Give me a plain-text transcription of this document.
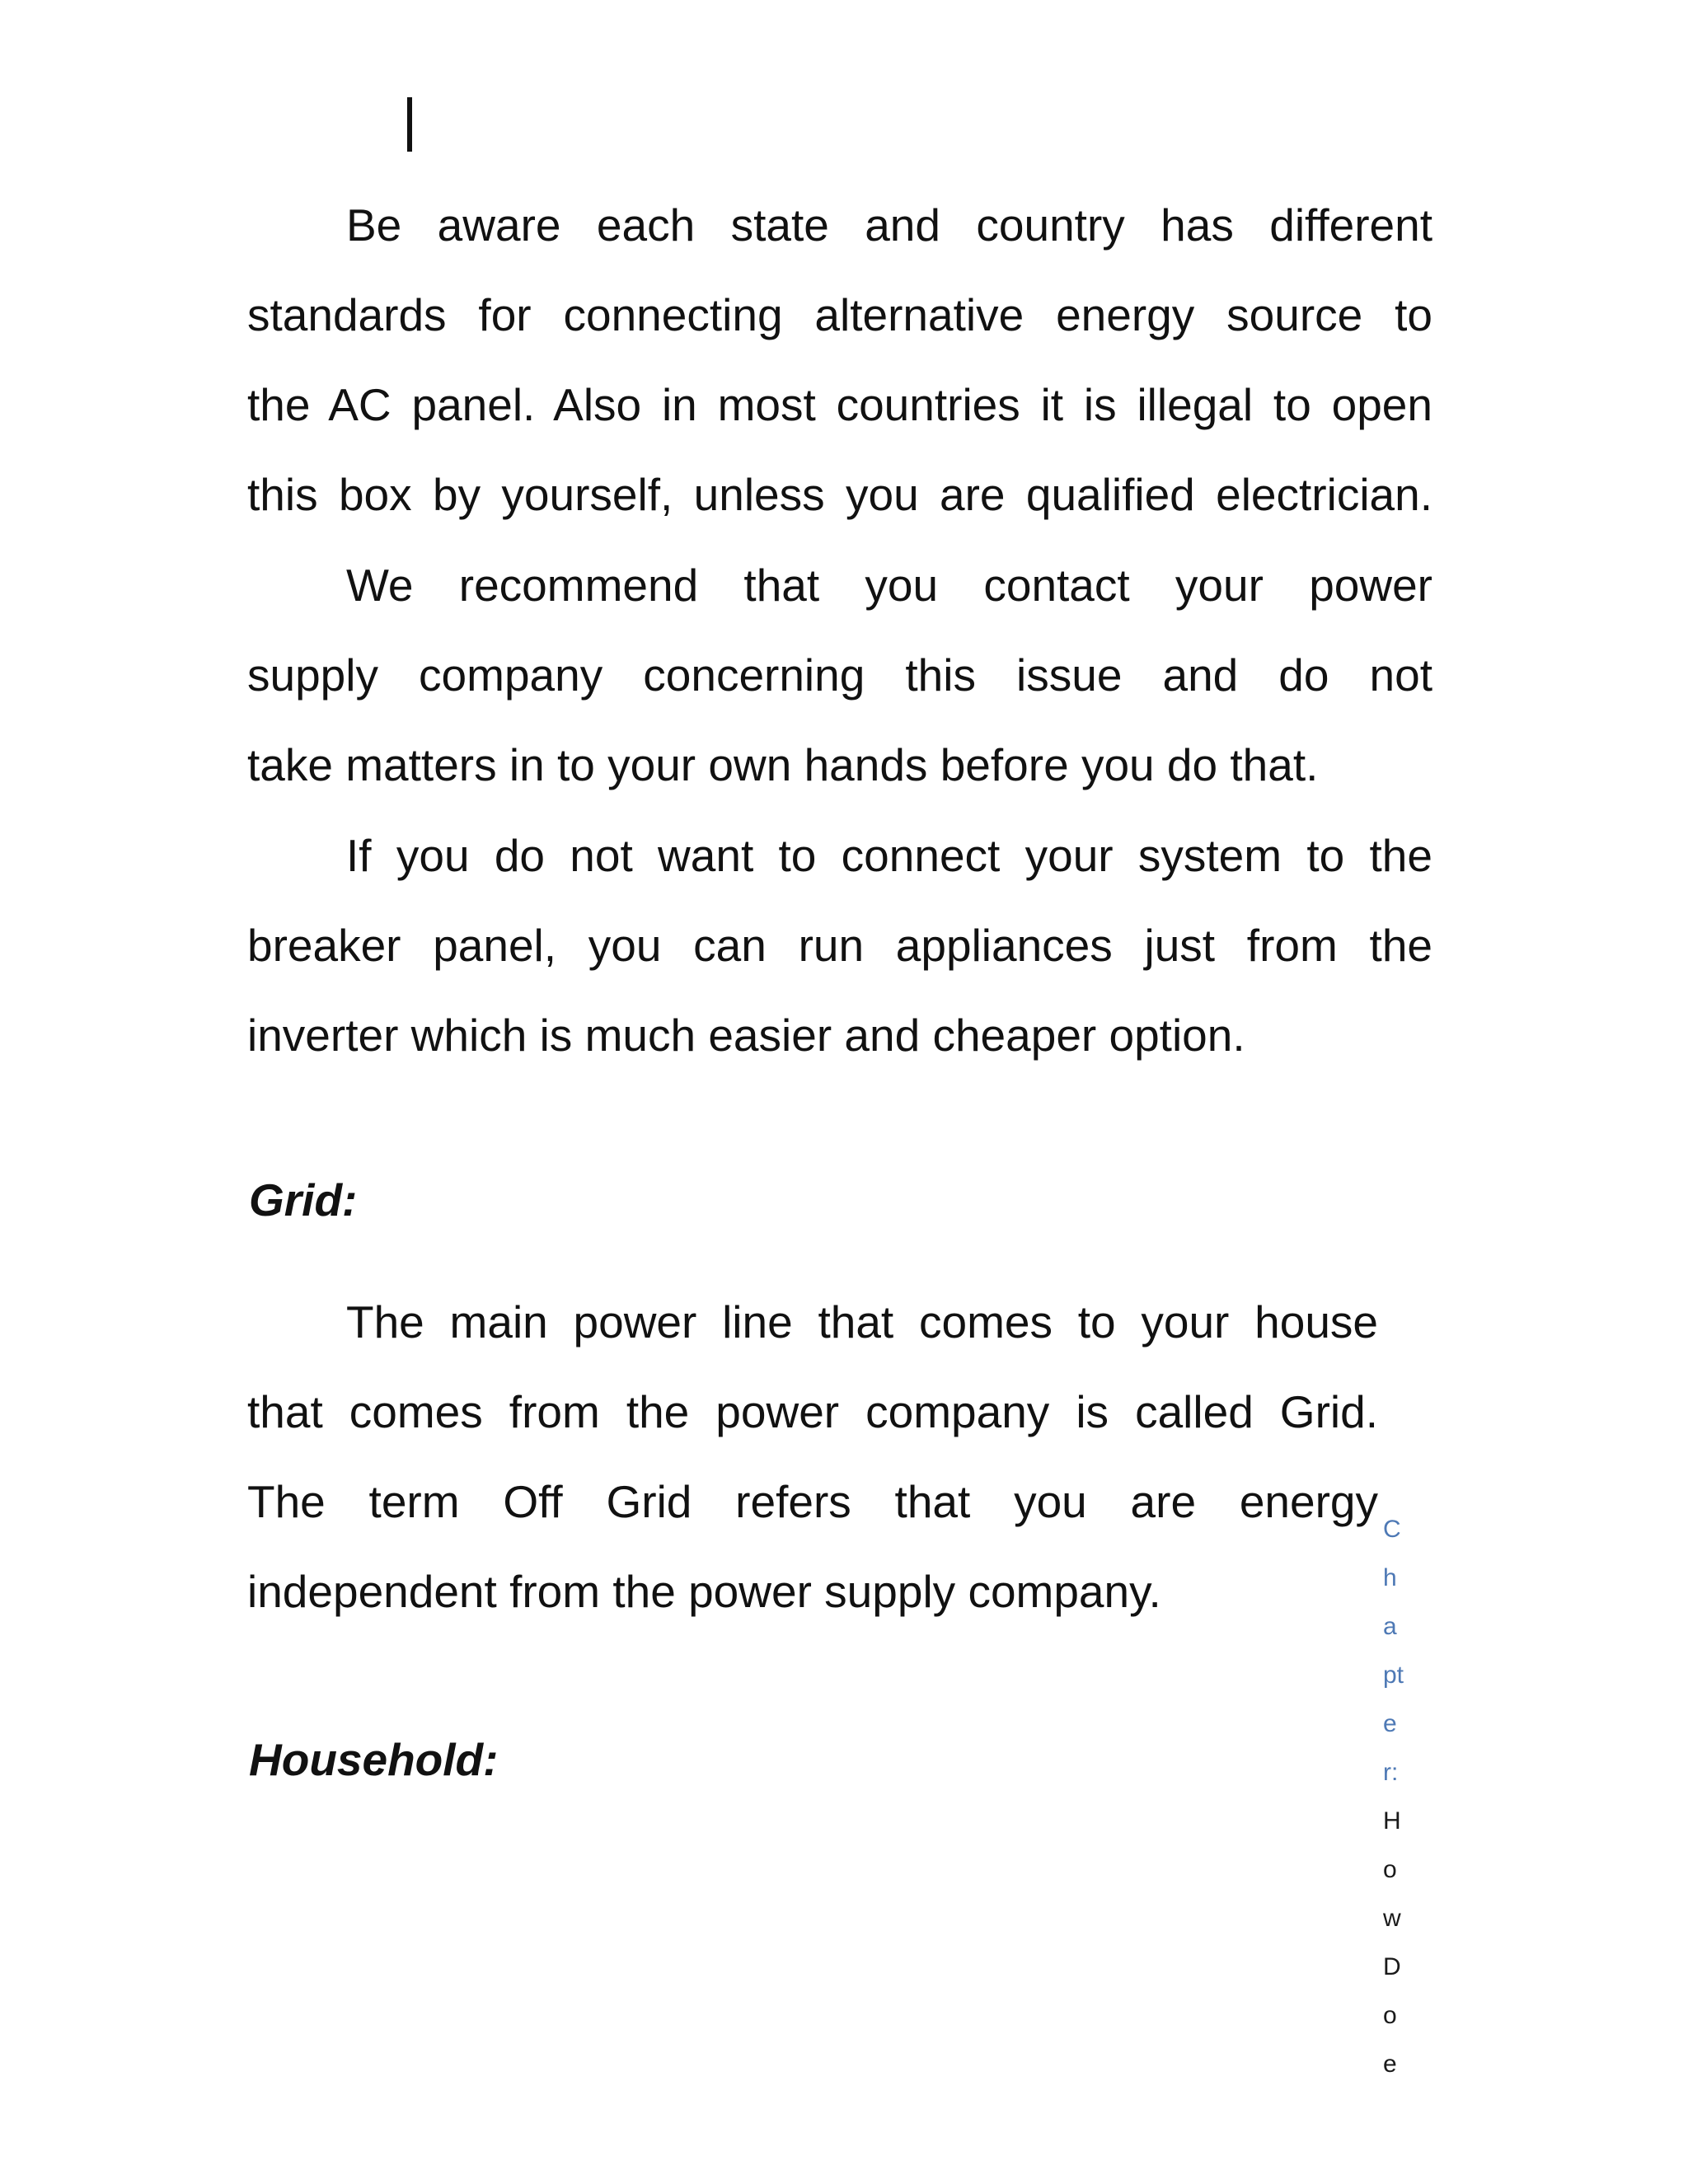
Be aware each state and country has different
standards for connecting alternative energy source to
the AC panel. Also in most countries it is illegal to open
this box by yourself, unless you are qualified electrician.
We recommend that you contact your power
supply company concerning this issue and do not
take matters in to your own hands before you do that.
If you do not want to connect your system to the
breaker panel, you can run appliances just from the
inverter which is much easier and cheaper option.
Grid:
The main power line that comes to your house
that comes from the power company is called Grid.
The term Off Grid refers that you are energy
independent from the power supply company.
Household:
C
h
a
pt
e
r:
H
o
w
D
o
e
